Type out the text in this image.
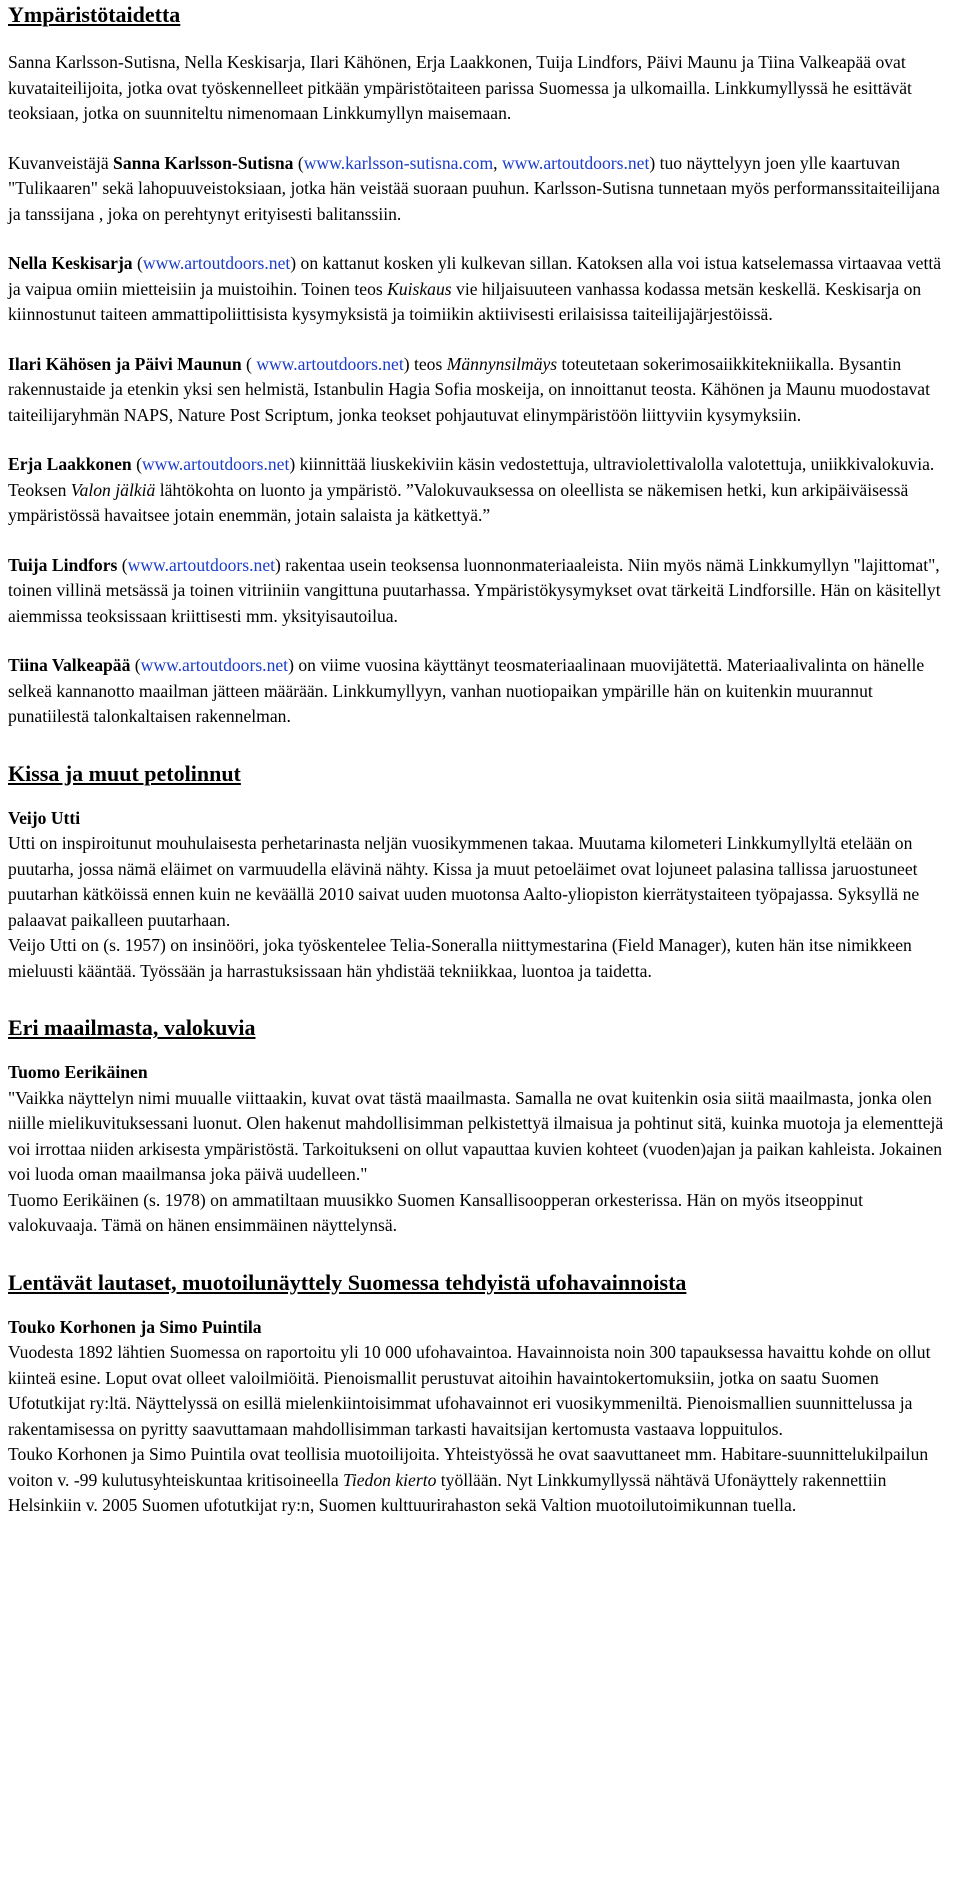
Ympäristötaidetta

Sanna Karlsson-Sutisna, Nella Keskisarja, Ilari Kähönen, Erja Laakkonen, Tuija Lindfors, Päivi Maunu ja Tiina Valkeapää ovat kuvataiteilijoita, jotka ovat työskennelleet pitkään ympäristötaiteen parissa Suomessa ja ulkomailla. Linkkumyllyssä he esittävät teoksiaan, jotka on suunniteltu nimenomaan Linkkumyllyn maisemaan.

Kuvanveistäjä Sanna Karlsson-Sutisna (www.karlsson-sutisna.com, www.artoutdoors.net) tuo näyttelyyn joen ylle kaartuvan "Tulikaaren" sekä lahopuuveistoksiaan, jotka hän veistää suoraan puuhun. Karlsson-Sutisna tunnetaan myös performanssitaiteilijana ja tanssijana , joka on perehtynyt erityisesti balitanssiin.

Nella Keskisarja (www.artoutdoors.net) on kattanut kosken yli kulkevan sillan. Katoksen alla voi istua katselemassa virtaavaa vettä ja vaipua omiin mietteisiin ja muistoihin. Toinen teos Kuiskaus vie hiljaisuuteen vanhassa kodassa metsän keskellä. Keskisarja on kiinnostunut taiteen ammattipoliittisista kysymyksistä ja toimiikin aktiivisesti erilaisissa taiteilijajärjestöissä.

Ilari Kähösen ja Päivi Maunun ( www.artoutdoors.net) teos Männynsilmäys toteutetaan sokerimosaiikkitekniikalla. Bysantin rakennustaide ja etenkin yksi sen helmistä, Istanbulin Hagia Sofia moskeija, on innoittanut teosta. Kähönen ja Maunu muodostavat taiteilijaryhmän NAPS, Nature Post Scriptum, jonka teokset pohjautuvat elinympäristöön liittyviin kysymyksiin.

Erja Laakkonen (www.artoutdoors.net) kiinnittää liuskekiviin käsin vedostettuja, ultraviolettivalolla valotettuja, uniikkivalokuvia. Teoksen Valon jälkiä lähtökohta on luonto ja ympäristö. ”Valokuvauksessa on oleellista se näkemisen hetki, kun arkipäiväisessä ympäristössä havaitsee jotain enemmän, jotain salaista ja kätkettyä.”

Tuija Lindfors (www.artoutdoors.net) rakentaa usein teoksensa luonnonmateriaaleista. Niin myös nämä Linkkumyllyn "lajittomat", toinen villinä metsässä ja toinen vitriiniin vangittuna puutarhassa. Ympäristökysymykset ovat tärkeitä Lindforsille. Hän on käsitellyt aiemmissa teoksissaan kriittisesti mm. yksityisautoilua.

Tiina Valkeapää (www.artoutdoors.net) on viime vuosina käyttänyt teosmateriaalinaan muovijätettä. Materiaalivalinta on hänelle selkeä kannanotto maailman jätteen määrään. Linkkumyllyyn, vanhan nuotiopaikan ympärille hän on kuitenkin muurannut punatiilestä talonkaltaisen rakennelman.

Kissa ja muut petolinnut

Veijo Utti

Utti on inspiroitunut mouhulaisesta perhetarinasta neljän vuosikymmenen takaa. Muutama kilometeri Linkkumyllyltä etelään on puutarha, jossa nämä eläimet on varmuudella elävinä nähty. Kissa ja muut petoeläimet ovat lojuneet palasina tallissa jaruostuneet puutarhan kätköissä ennen kuin ne keväällä 2010 saivat uuden muotonsa Aalto-yliopiston kierrätystaiteen työpajassa. Syksyllä ne palaavat paikalleen puutarhaan.

Veijo Utti on (s. 1957) on insinööri, joka työskentelee Telia-Soneralla niittymestarina (Field Manager), kuten hän itse nimikkeen mieluusti kääntää. Työssään ja harrastuksissaan hän yhdistää tekniikkaa, luontoa ja taidetta.

Eri maailmasta, valokuvia

Tuomo Eerikäinen

"Vaikka näyttelyn nimi muualle viittaakin, kuvat ovat tästä maailmasta. Samalla ne ovat kuitenkin osia siitä maailmasta, jonka olen niille mielikuvituksessani luonut. Olen hakenut mahdollisimman pelkistettyä ilmaisua ja pohtinut sitä, kuinka muotoja ja elementtejä voi irrottaa niiden arkisesta ympäristöstä. Tarkoitukseni on ollut vapauttaa kuvien kohteet (vuoden)ajan ja paikan kahleista. Jokainen voi luoda oman maailmansa joka päivä uudelleen."

Tuomo Eerikäinen (s. 1978) on ammatiltaan muusikko Suomen Kansallisoopperan orkesterissa. Hän on myös itseoppinut valokuvaaja. Tämä on hänen ensimmäinen näyttelynsä.

Lentävät lautaset, muotoilunäyttely Suomessa tehdyistä ufohavainnoista

Touko Korhonen ja Simo Puintila

Vuodesta 1892 lähtien Suomessa on raportoitu yli 10 000 ufohavaintoa. Havainnoista noin 300 tapauksessa havaittu kohde on ollut kiinteä esine. Loput ovat olleet valoilmiöitä. Pienoismallit perustuvat aitoihin havaintokertomuksiin, jotka on saatu Suomen Ufotutkijat ry:ltä. Näyttelyssä on esillä mielenkiintoisimmat ufohavainnot eri vuosikymmeniltä. Pienoismallien suunnittelussa ja rakentamisessa on pyritty saavuttamaan mahdollisimman tarkasti havaitsijan kertomusta vastaava loppuitulos.

Touko Korhonen ja Simo Puintila ovat teollisia muotoilijoita. Yhteistyössä he ovat saavuttaneet mm. Habitare-suunnittelukilpailun voiton v. -99 kulutusyhteiskuntaa kritisoineella Tiedon kierto työllään. Nyt Linkkumyllyssä nähtävä Ufonäyttely rakennettiin Helsinkiin v. 2005 Suomen ufotutkijat ry:n, Suomen kulttuurirahaston sekä Valtion muotoilutoimikunnan tuella.
